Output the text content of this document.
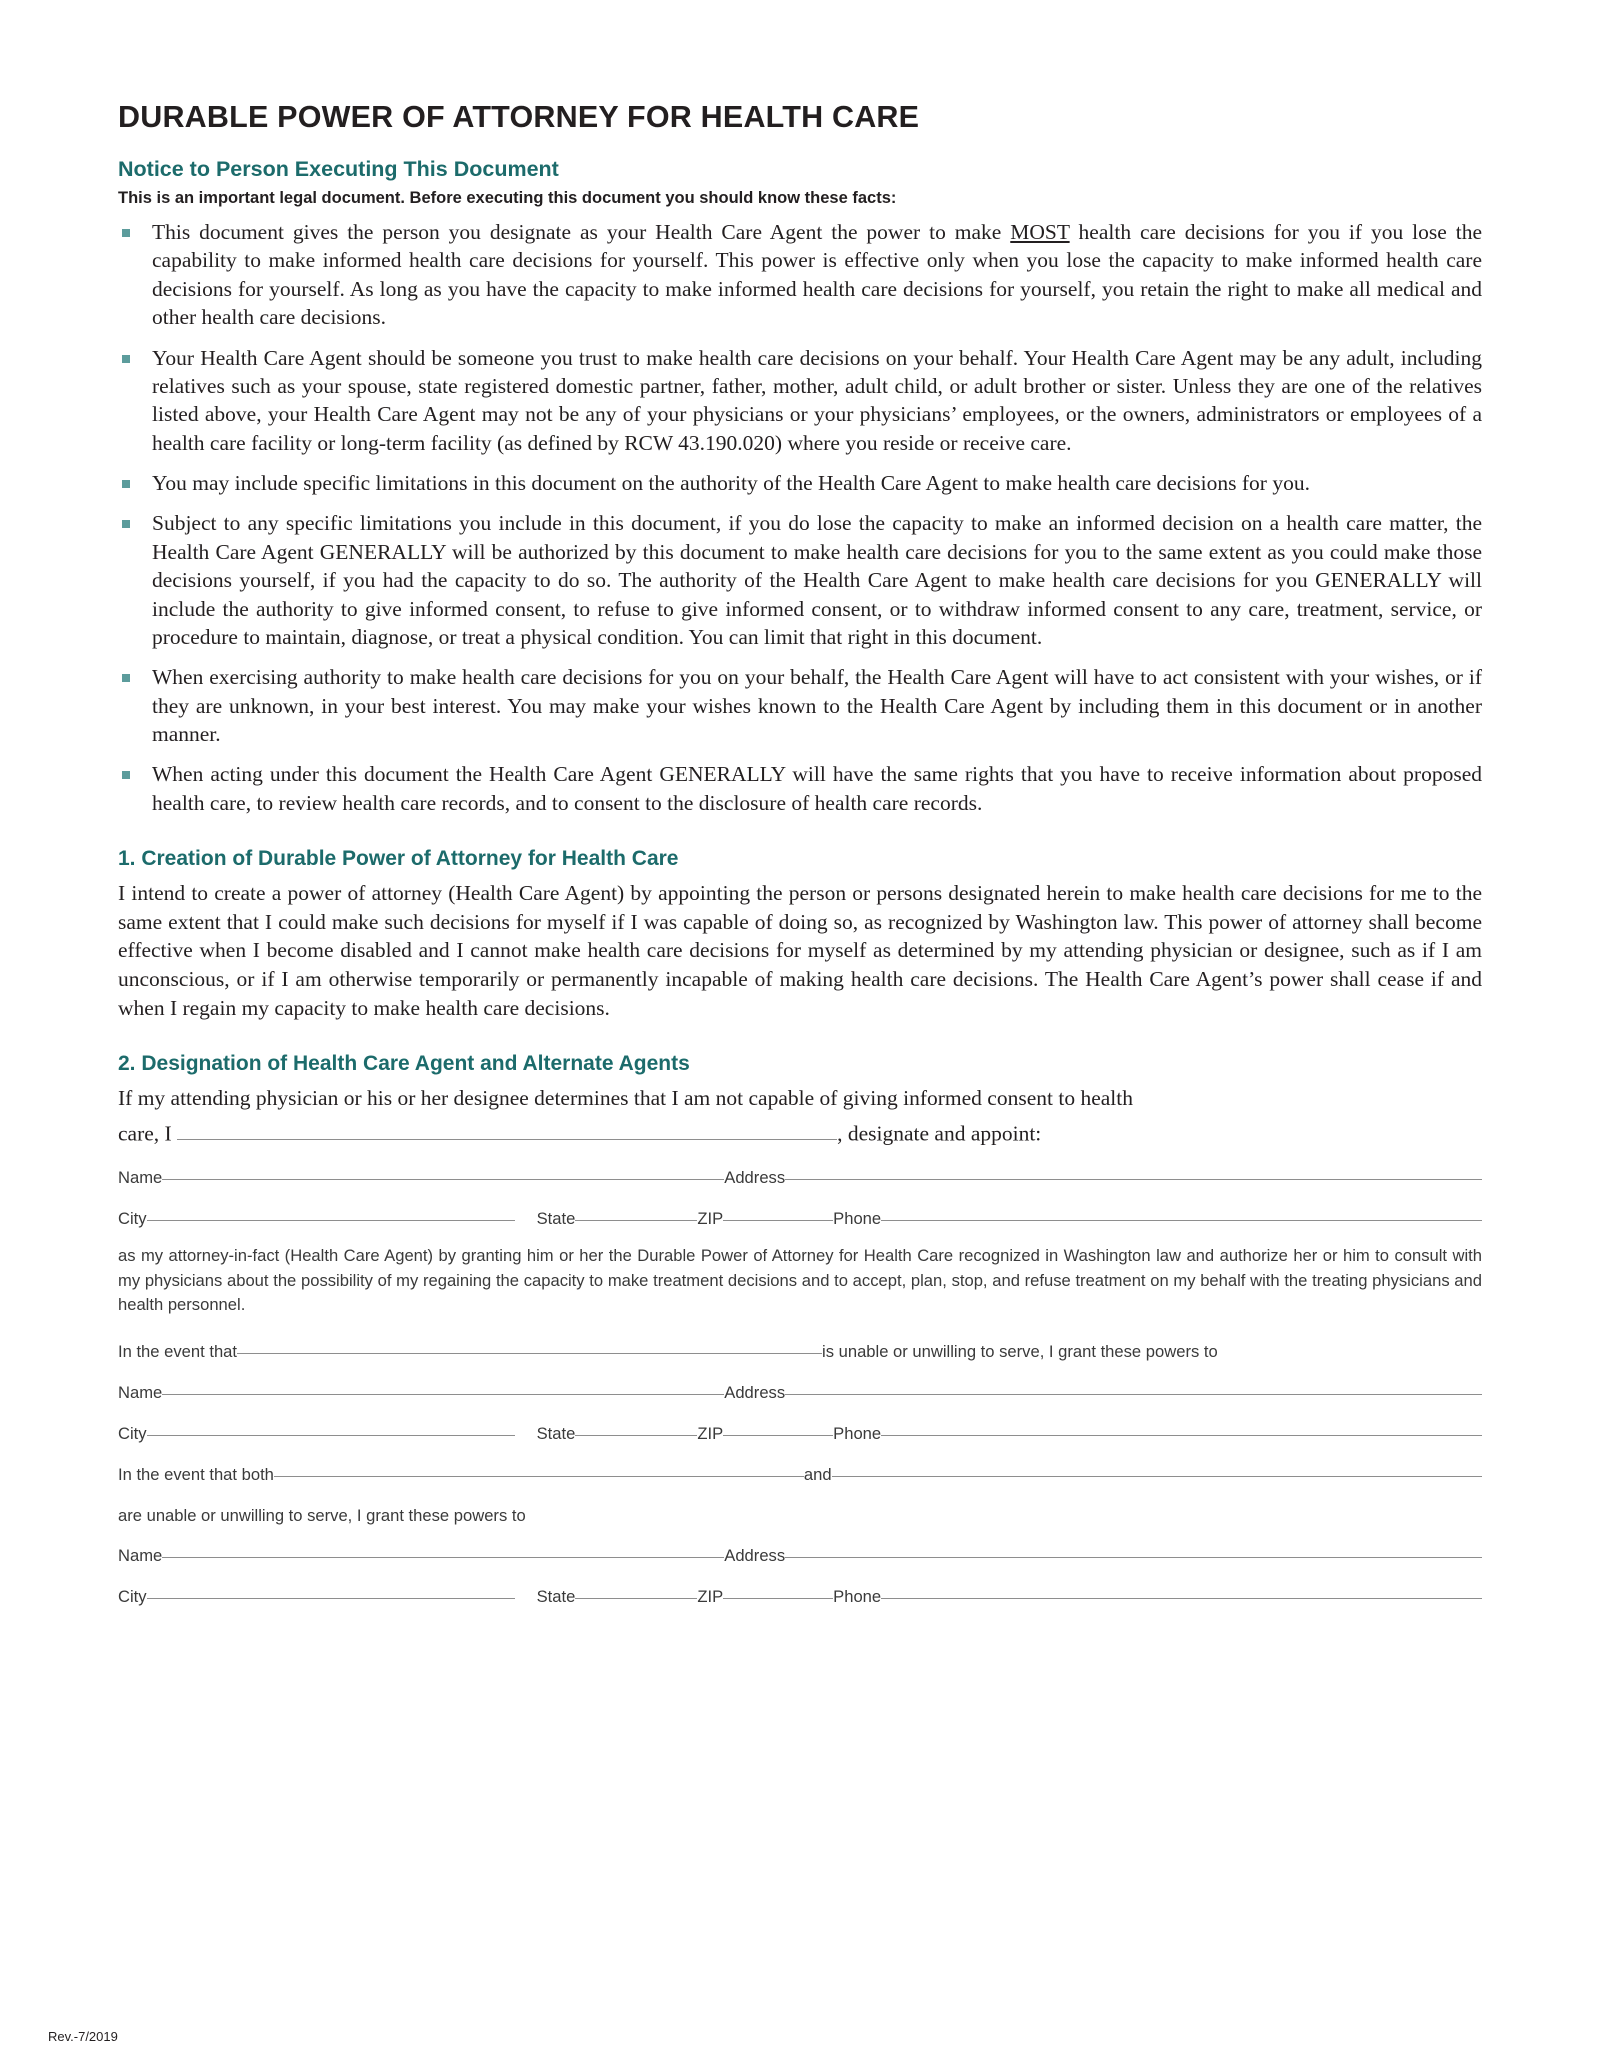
DURABLE POWER OF ATTORNEY FOR HEALTH CARE
Notice to Person Executing This Document

This is an important legal document. Before executing this document you should know these facts:

This document gives the person you designate as your Health Care Agent the power to make MOST health care decisions for you if you lose the capability to make informed health care decisions for yourself. This power is effective only when you lose the capacity to make informed health care decisions for yourself. As long as you have the capacity to make informed health care decisions for yourself, you retain the right to make all medical and other health care decisions.
Your Health Care Agent should be someone you trust to make health care decisions on your behalf. Your Health Care Agent may be any adult, including relatives such as your spouse, state registered domestic partner, father, mother, adult child, or adult brother or sister. Unless they are one of the relatives listed above, your Health Care Agent may not be any of your physicians or your physicians’ employees, or the owners, administrators or employees of a health care facility or long-term facility (as defined by RCW 43.190.020) where you reside or receive care.
You may include specific limitations in this document on the authority of the Health Care Agent to make health care decisions for you.
Subject to any specific limitations you include in this document, if you do lose the capacity to make an informed decision on a health care matter, the Health Care Agent GENERALLY will be authorized by this document to make health care decisions for you to the same extent as you could make those decisions yourself, if you had the capacity to do so. The authority of the Health Care Agent to make health care decisions for you GENERALLY will include the authority to give informed consent, to refuse to give informed consent, or to withdraw informed consent to any care, treatment, service, or procedure to maintain, diagnose, or treat a physical condition. You can limit that right in this document.
When exercising authority to make health care decisions for you on your behalf, the Health Care Agent will have to act consistent with your wishes, or if they are unknown, in your best interest. You may make your wishes known to the Health Care Agent by including them in this document or in another manner.
When acting under this document the Health Care Agent GENERALLY will have the same rights that you have to receive information about proposed health care, to review health care records, and to consent to the disclosure of health care records.
1. Creation of Durable Power of Attorney for Health Care

I intend to create a power of attorney (Health Care Agent) by appointing the person or persons designated herein to make health care decisions for me to the same extent that I could make such decisions for myself if I was capable of doing so, as recognized by Washington law. This power of attorney shall become effective when I become disabled and I cannot make health care decisions for myself as determined by my attending physician or designee, such as if I am unconscious, or if I am otherwise temporarily or permanently incapable of making health care decisions. The Health Care Agent’s power shall cease if and when I regain my capacity to make health care decisions.

2. Designation of Health Care Agent and Alternate Agents

If my attending physician or his or her designee determines that I am not capable of giving informed consent to health

care, I	, designate and appoint:

Name	Address
City	State	ZIP	Phone

as my attorney-in-fact (Health Care Agent) by granting him or her the Durable Power of Attorney for Health Care recognized in Washington law and authorize her or him to consult with my physicians about the possibility of my regaining the capacity to make treatment decisions and to accept, plan, stop, and refuse treatment on my behalf with the treating physicians and health personnel.

In the event that	is unable or unwilling to serve, I grant these powers to
Name	Address
City	State	ZIP	Phone
In the event that both	and

are unable or unwilling to serve, I grant these powers to

Name	Address
City	State	ZIP	Phone
Rev.-7/2019
